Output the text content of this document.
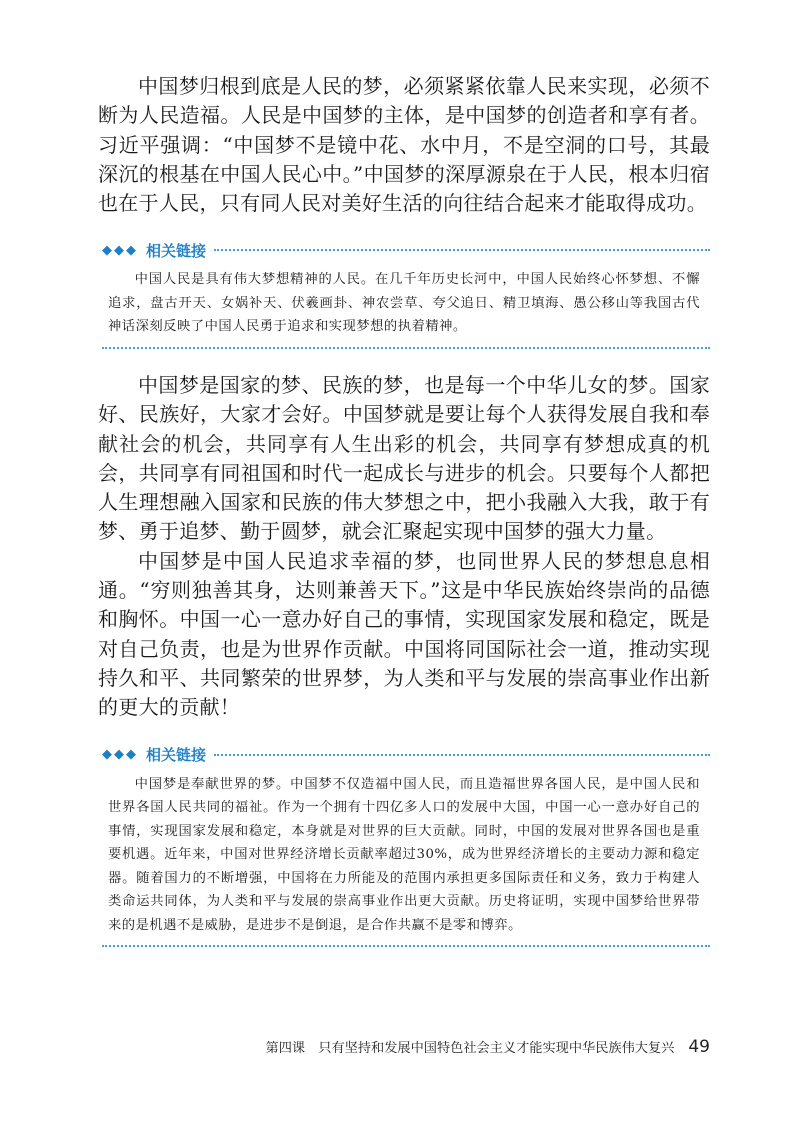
中国梦归根到底是人民的梦，必须紧紧依靠人民来实现，必须不断为人民造福。人民是中国梦的主体，是中国梦的创造者和享有者。习近平强调：“中国梦不是镜中花、水中月，不是空洞的口号，其最深沉的根基在中国人民心中。”中国梦的深厚源泉在于人民，根本归宿也在于人民，只有同人民对美好生活的向往结合起来才能取得成功。

◆◆◆ 相关链接

中国人民是具有伟大梦想精神的人民。在几千年历史长河中，中国人民始终心怀梦想、不懈追求，盘古开天、女娲补天、伏羲画卦、神农尝草、夸父追日、精卫填海、愚公移山等我国古代神话深刻反映了中国人民勇于追求和实现梦想的执着精神。

中国梦是国家的梦、民族的梦，也是每一个中华儿女的梦。国家好、民族好，大家才会好。中国梦就是要让每个人获得发展自我和奉献社会的机会，共同享有人生出彩的机会，共同享有梦想成真的机会，共同享有同祖国和时代一起成长与进步的机会。只要每个人都把人生理想融入国家和民族的伟大梦想之中，把小我融入大我，敢于有梦、勇于追梦、勤于圆梦，就会汇聚起实现中国梦的强大力量。

中国梦是中国人民追求幸福的梦，也同世界人民的梦想息息相通。“穷则独善其身，达则兼善天下。”这是中华民族始终崇尚的品德和胸怀。中国一心一意办好自己的事情，实现国家发展和稳定，既是对自己负责，也是为世界作贡献。中国将同国际社会一道，推动实现持久和平、共同繁荣的世界梦，为人类和平与发展的崇高事业作出新的更大的贡献！

◆◆◆ 相关链接

中国梦是奉献世界的梦。中国梦不仅造福中国人民，而且造福世界各国人民，是中国人民和世界各国人民共同的福祉。作为一个拥有十四亿多人口的发展中大国，中国一心一意办好自己的事情，实现国家发展和稳定，本身就是对世界的巨大贡献。同时，中国的发展对世界各国也是重要机遇。近年来，中国对世界经济增长贡献率超过30%，成为世界经济增长的主要动力源和稳定器。随着国力的不断增强，中国将在力所能及的范围内承担更多国际责任和义务，致力于构建人类命运共同体，为人类和平与发展的崇高事业作出更大贡献。历史将证明，实现中国梦给世界带来的是机遇不是威胁，是进步不是倒退，是合作共赢不是零和博弈。

第四课　只有坚持和发展中国特色社会主义才能实现中华民族伟大复兴 49
